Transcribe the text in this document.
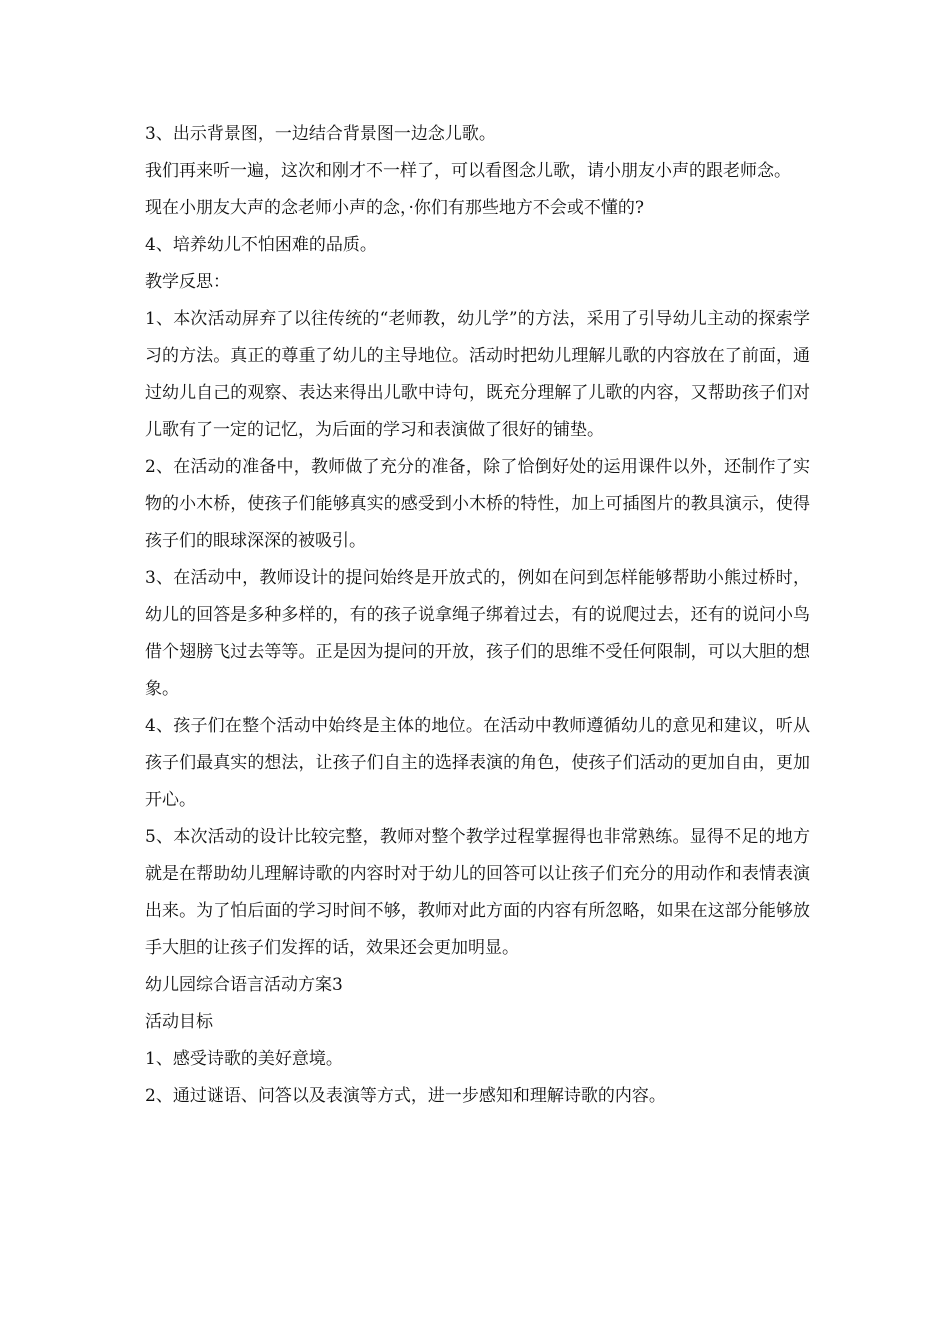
3、出示背景图，一边结合背景图一边念儿歌。

我们再来听一遍，这次和刚才不一样了，可以看图念儿歌，请小朋友小声的跟老师念。

现在小朋友大声的念老师小声的念，·你们有那些地方不会或不懂的?

4、培养幼儿不怕困难的品质。

教学反思：

1、本次活动屏弃了以往传统的“老师教，幼儿学”的方法，采用了引导幼儿主动的探索学习的方法。真正的尊重了幼儿的主导地位。活动时把幼儿理解儿歌的内容放在了前面，通过幼儿自己的观察、表达来得出儿歌中诗句，既充分理解了儿歌的内容，又帮助孩子们对儿歌有了一定的记忆，为后面的学习和表演做了很好的铺垫。

2、在活动的准备中，教师做了充分的准备，除了恰倒好处的运用课件以外，还制作了实物的小木桥，使孩子们能够真实的感受到小木桥的特性，加上可插图片的教具演示，使得孩子们的眼球深深的被吸引。

3、在活动中，教师设计的提问始终是开放式的，例如在问到怎样能够帮助小熊过桥时，幼儿的回答是多种多样的，有的孩子说拿绳子绑着过去，有的说爬过去，还有的说问小鸟借个翅膀飞过去等等。正是因为提问的开放，孩子们的思维不受任何限制，可以大胆的想象。

4、孩子们在整个活动中始终是主体的地位。在活动中教师遵循幼儿的意见和建议，听从孩子们最真实的想法，让孩子们自主的选择表演的角色，使孩子们活动的更加自由，更加开心。

5、本次活动的设计比较完整，教师对整个教学过程掌握得也非常熟练。显得不足的地方就是在帮助幼儿理解诗歌的内容时对于幼儿的回答可以让孩子们充分的用动作和表情表演出来。为了怕后面的学习时间不够，教师对此方面的内容有所忽略，如果在这部分能够放手大胆的让孩子们发挥的话，效果还会更加明显。

幼儿园综合语言活动方案3

活动目标

1、感受诗歌的美好意境。

2、通过谜语、问答以及表演等方式，进一步感知和理解诗歌的内容。
